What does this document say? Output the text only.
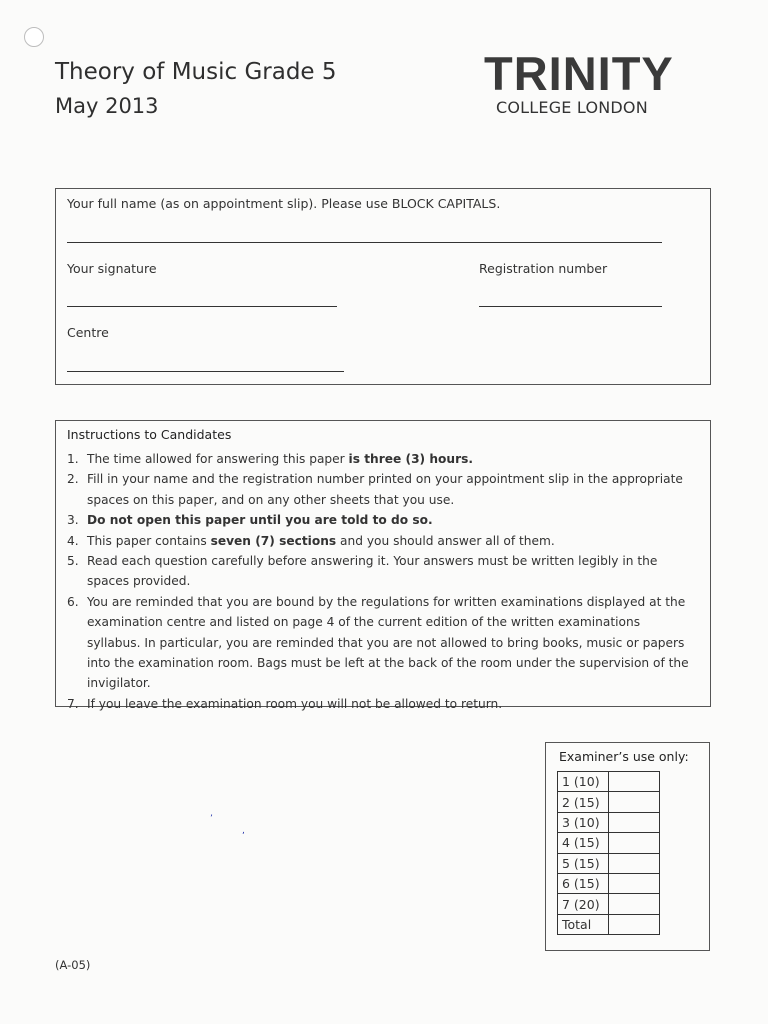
Theory of Music Grade 5
May 2013
TRINITY
COLLEGE LONDON
Your full name (as on appointment slip). Please use BLOCK CAPITALS.
Your signature	Registration number
Centre
Instructions to Candidates
1. The time allowed for answering this paper is three (3) hours.
2. Fill in your name and the registration number printed on your appointment slip in the appropriate spaces on this paper, and on any other sheets that you use.
3. Do not open this paper until you are told to do so.
4. This paper contains seven (7) sections and you should answer all of them.
5. Read each question carefully before answering it. Your answers must be written legibly in the spaces provided.
6. You are reminded that you are bound by the regulations for written examinations displayed at the examination centre and listed on page 4 of the current edition of the written examinations syllabus. In particular, you are reminded that you are not allowed to bring books, music or papers into the examination room. Bags must be left at the back of the room under the supervision of the invigilator.
7. If you leave the examination room you will not be allowed to return.
’
,
Examiner’s use only:
1 (10)	
2 (15)	
3 (10)	
4 (15)	
5 (15)	
6 (15)	
7 (20)	
Total	
(A-05)
